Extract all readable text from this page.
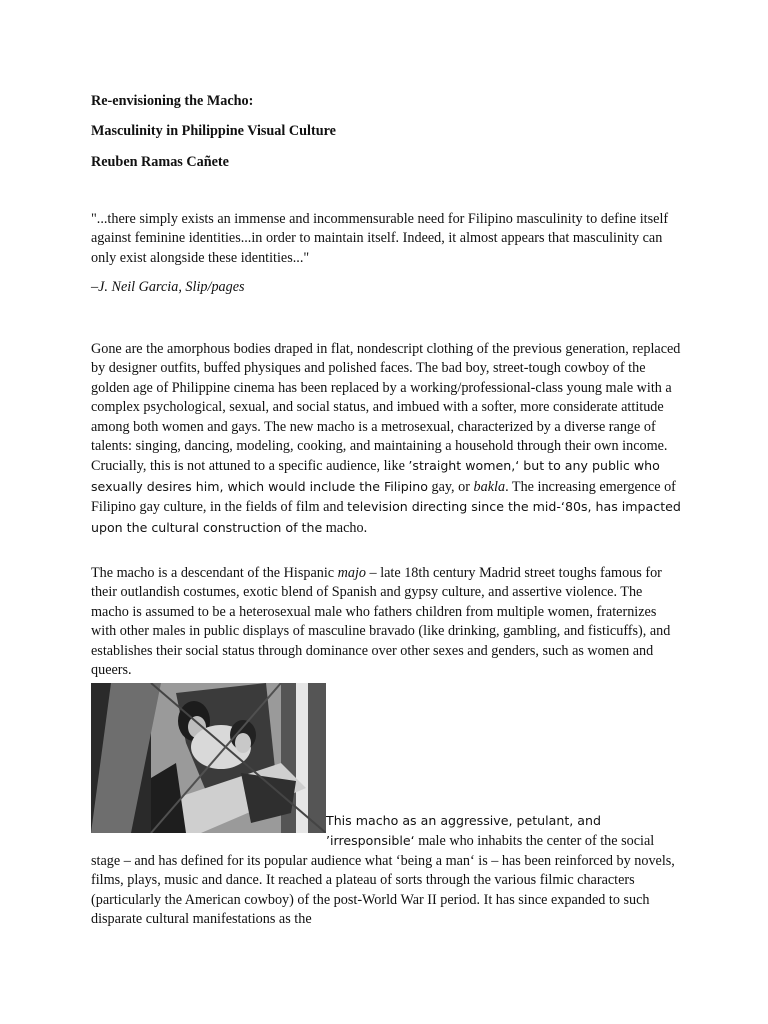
Re-envisioning the Macho:
Masculinity in Philippine Visual Culture
Reuben Ramas Cañete
"...there simply exists an immense and incommensurable need for Filipino masculinity to define itself against feminine identities...in order to maintain itself. Indeed, it almost appears that masculinity can only exist alongside these identities..."
–J. Neil Garcia, Slip/pages

Gone are the amorphous bodies draped in flat, nondescript clothing of the previous generation, replaced by designer outfits, buffed physiques and polished faces. The bad boy, street-tough cowboy of the golden age of Philippine cinema has been replaced by a working/professional-class young male with a complex psychological, sexual, and social status, and imbued with a softer, more considerate attitude among both women and gays. The new macho is a metrosexual, characterized by a diverse range of talents: singing, dancing, modeling, cooking, and maintaining a household through their own income. Crucially, this is not attuned to a specific audience, like ’straight women,‘ but to any public who sexually desires him, which would include the Filipino gay, or bakla. The increasing emergence of Filipino gay culture, in the fields of film and television directing since the mid-‘80s, has impacted upon the cultural construction of the macho.

The macho is a descendant of the Hispanic majo – late 18th century Madrid street toughs famous for their outlandish costumes, exotic blend of Spanish and gypsy culture, and assertive violence. The macho is assumed to be a heterosexual male who fathers children from multiple women, fraternizes with other males in public displays of masculine bravado (like drinking, gambling, and fisticuffs), and establishes their social status through dominance over other sexes and genders, such as women and queers.

This macho as an aggressive, petulant, and ’irresponsible‘ male who inhabits the center of the social stage – and has defined for its popular audience what ‘being a man‘ is – has been reinforced by novels, films, plays, music and dance. It reached a plateau of sorts through the various filmic characters (particularly the American cowboy) of the post-World War II period. It has since expanded to such disparate cultural manifestations as the
